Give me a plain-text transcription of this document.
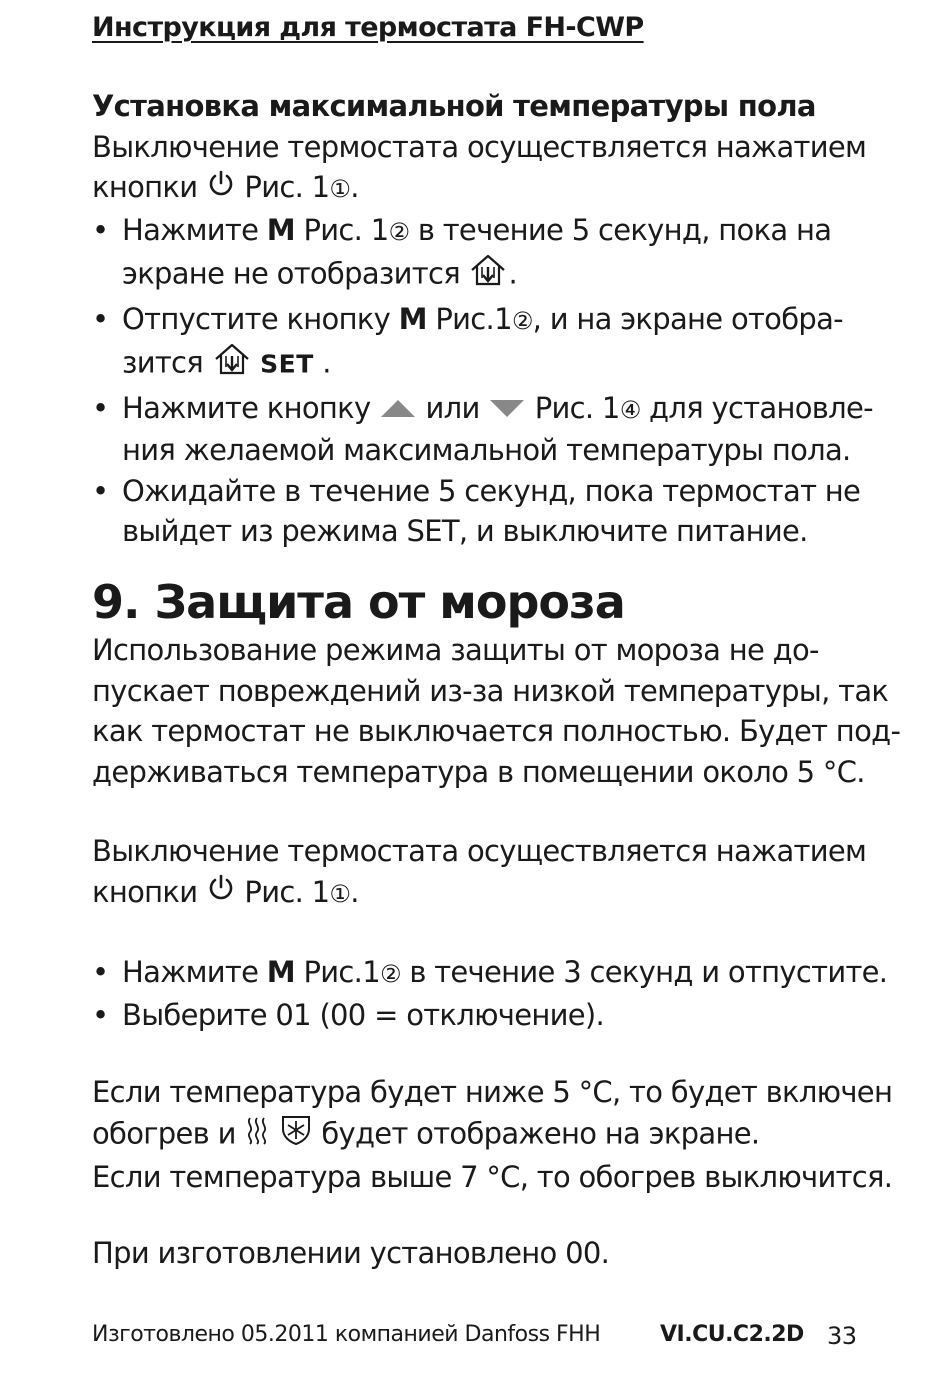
Инструкция для термостата FH-CWP
Установка максимальной температуры пола
Выключение термостата осуществляется нажатием
кнопки Рис. 1①.
• Нажмите M Рис. 1② в течение 5 секунд, пока на
экране не отобразится .
• Отпустите кнопку M Рис.1②, и на экране отобра-
зится SET .
• Нажмите кнопку или Рис. 1④ для установле-
ния желаемой максимальной температуры пола.
• Ожидайте в течение 5 секунд, пока термостат не
выйдет из режима SET, и выключите питание.
9. Защита от мороза
Использование режима защиты от мороза не до-
пускает повреждений из-за низкой температуры, так
как термостат не выключается полностью. Будет под-
держиваться температура в помещении около 5 °C.
Выключение термостата осуществляется нажатием
кнопки Рис. 1①.
• Нажмите M Рис.1② в течение 3 секунд и отпустите.
• Выберите 01 (00 = отключение).
Если температура будет ниже 5 °C, то будет включен
обогрев и	будет отображено на экране.
Если температура выше 7 °C, то обогрев выключится.
При изготовлении установлено 00.
Изготовлено 05.2011 компанией Danfoss FHH	VI.CU.C2.2D 33
